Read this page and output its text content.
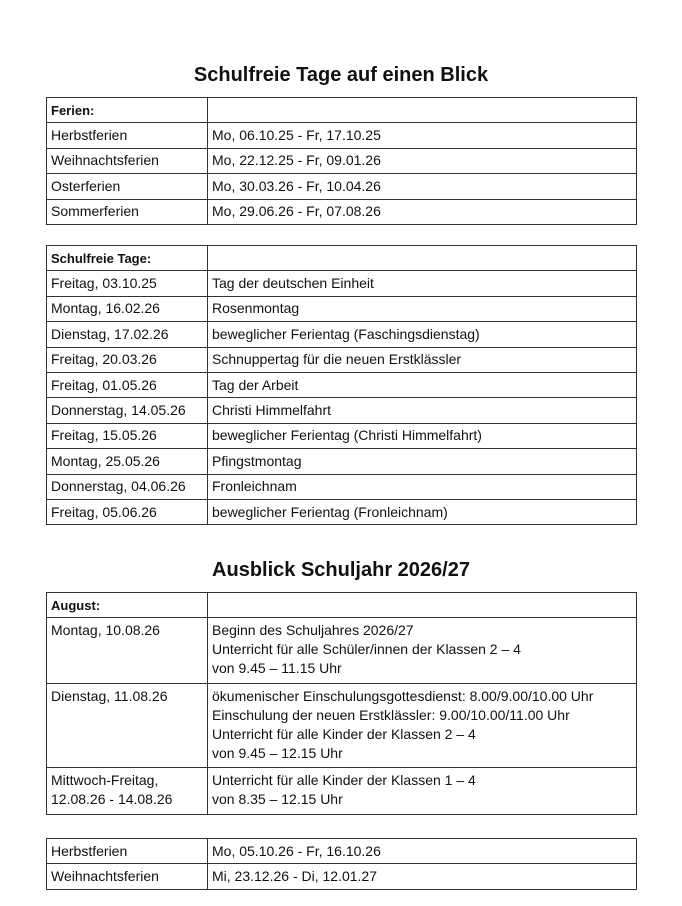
Schulfreie Tage auf einen Blick
Ferien:	
Herbstferien	Mo, 06.10.25 - Fr, 17.10.25
Weihnachtsferien	Mo, 22.12.25 - Fr, 09.01.26
Osterferien	Mo, 30.03.26 - Fr, 10.04.26
Sommerferien	Mo, 29.06.26 - Fr, 07.08.26
Schulfreie Tage:	
Freitag, 03.10.25	Tag der deutschen Einheit
Montag, 16.02.26	Rosenmontag
Dienstag, 17.02.26	beweglicher Ferientag (Faschingsdienstag)
Freitag, 20.03.26	Schnuppertag für die neuen Erstklässler
Freitag, 01.05.26	Tag der Arbeit
Donnerstag, 14.05.26	Christi Himmelfahrt
Freitag, 15.05.26	beweglicher Ferientag (Christi Himmelfahrt)
Montag, 25.05.26	Pfingstmontag
Donnerstag, 04.06.26	Fronleichnam
Freitag, 05.06.26	beweglicher Ferientag (Fronleichnam)
Ausblick Schuljahr 2026/27
August:	

Montag, 10.08.26	Beginn des Schuljahres 2026/27
Unterricht für alle Schüler/innen der Klassen 2 – 4
von 9.45 – 11.15 Uhr

Dienstag, 11.08.26	ökumenischer Einschulungsgottesdienst: 8.00/9.00/10.00 Uhr
Einschulung der neuen Erstklässler: 9.00/10.00/11.00 Uhr
Unterricht für alle Kinder der Klassen 2 – 4
von 9.45 – 12.15 Uhr

Mittwoch-Freitag,
12.08.26 - 14.08.26	Unterricht für alle Kinder der Klassen 1 – 4
von 8.35 – 12.15 Uhr
Herbstferien	Mo, 05.10.26 - Fr, 16.10.26
Weihnachtsferien	Mi, 23.12.26 - Di, 12.01.27
